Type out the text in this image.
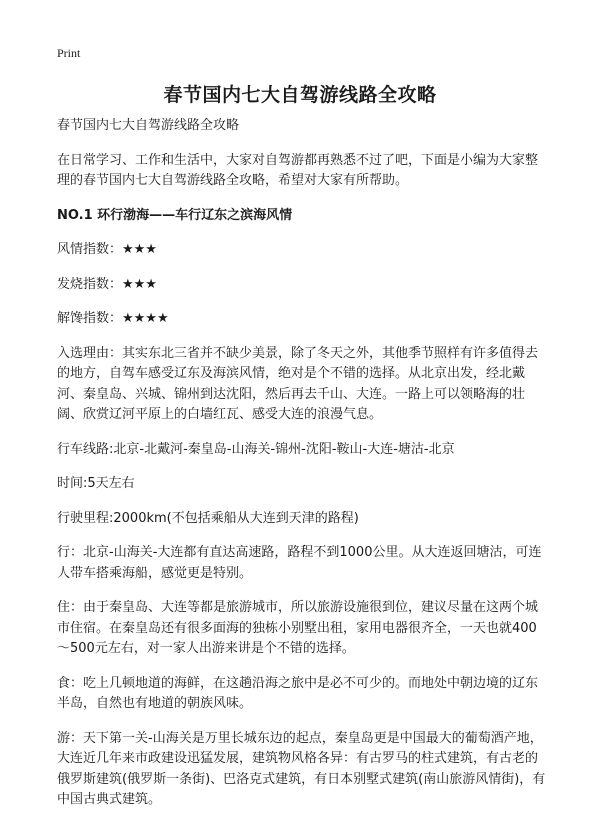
Print
春节国内七大自驾游线路全攻略

春节国内七大自驾游线路全攻略

在日常学习、工作和生活中，大家对自驾游都再熟悉不过了吧，下面是小编为大家整理的春节国内七大自驾游线路全攻略，希望对大家有所帮助。

NO.1 环行渤海——车行辽东之滨海风情

风情指数：★★★

发烧指数：★★★

解馋指数：★★★★

入选理由：其实东北三省并不缺少美景，除了冬天之外，其他季节照样有许多值得去的地方，自驾车感受辽东及海滨风情，绝对是个不错的选择。从北京出发，经北戴河、秦皇岛、兴城、锦州到达沈阳，然后再去千山、大连。一路上可以领略海的壮阔、欣赏辽河平原上的白墙红瓦、感受大连的浪漫气息。

行车线路:北京-北戴河-秦皇岛-山海关-锦州-沈阳-鞍山-大连-塘沽-北京

时间:5天左右

行驶里程:2000km(不包括乘船从大连到天津的路程)

行：北京-山海关-大连都有直达高速路，路程不到1000公里。从大连返回塘沽，可连人带车搭乘海船，感觉更是特别。

住：由于秦皇岛、大连等都是旅游城市，所以旅游设施很到位，建议尽量在这两个城市住宿。在秦皇岛还有很多面海的独栋小别墅出租，家用电器很齐全，一天也就400～500元左右，对一家人出游来讲是个不错的选择。

食：吃上几顿地道的海鲜，在这趟沿海之旅中是必不可少的。而地处中朝边境的辽东半岛，自然也有地道的朝族风味。

游：天下第一关-山海关是万里长城东边的起点，秦皇岛更是中国最大的葡萄酒产地，大连近几年来市政建设迅猛发展，建筑物风格各异：有古罗马的柱式建筑，有古老的俄罗斯建筑(俄罗斯一条街)、巴洛克式建筑，有日本别墅式建筑(南山旅游风情街)，有中国古典式建筑。
